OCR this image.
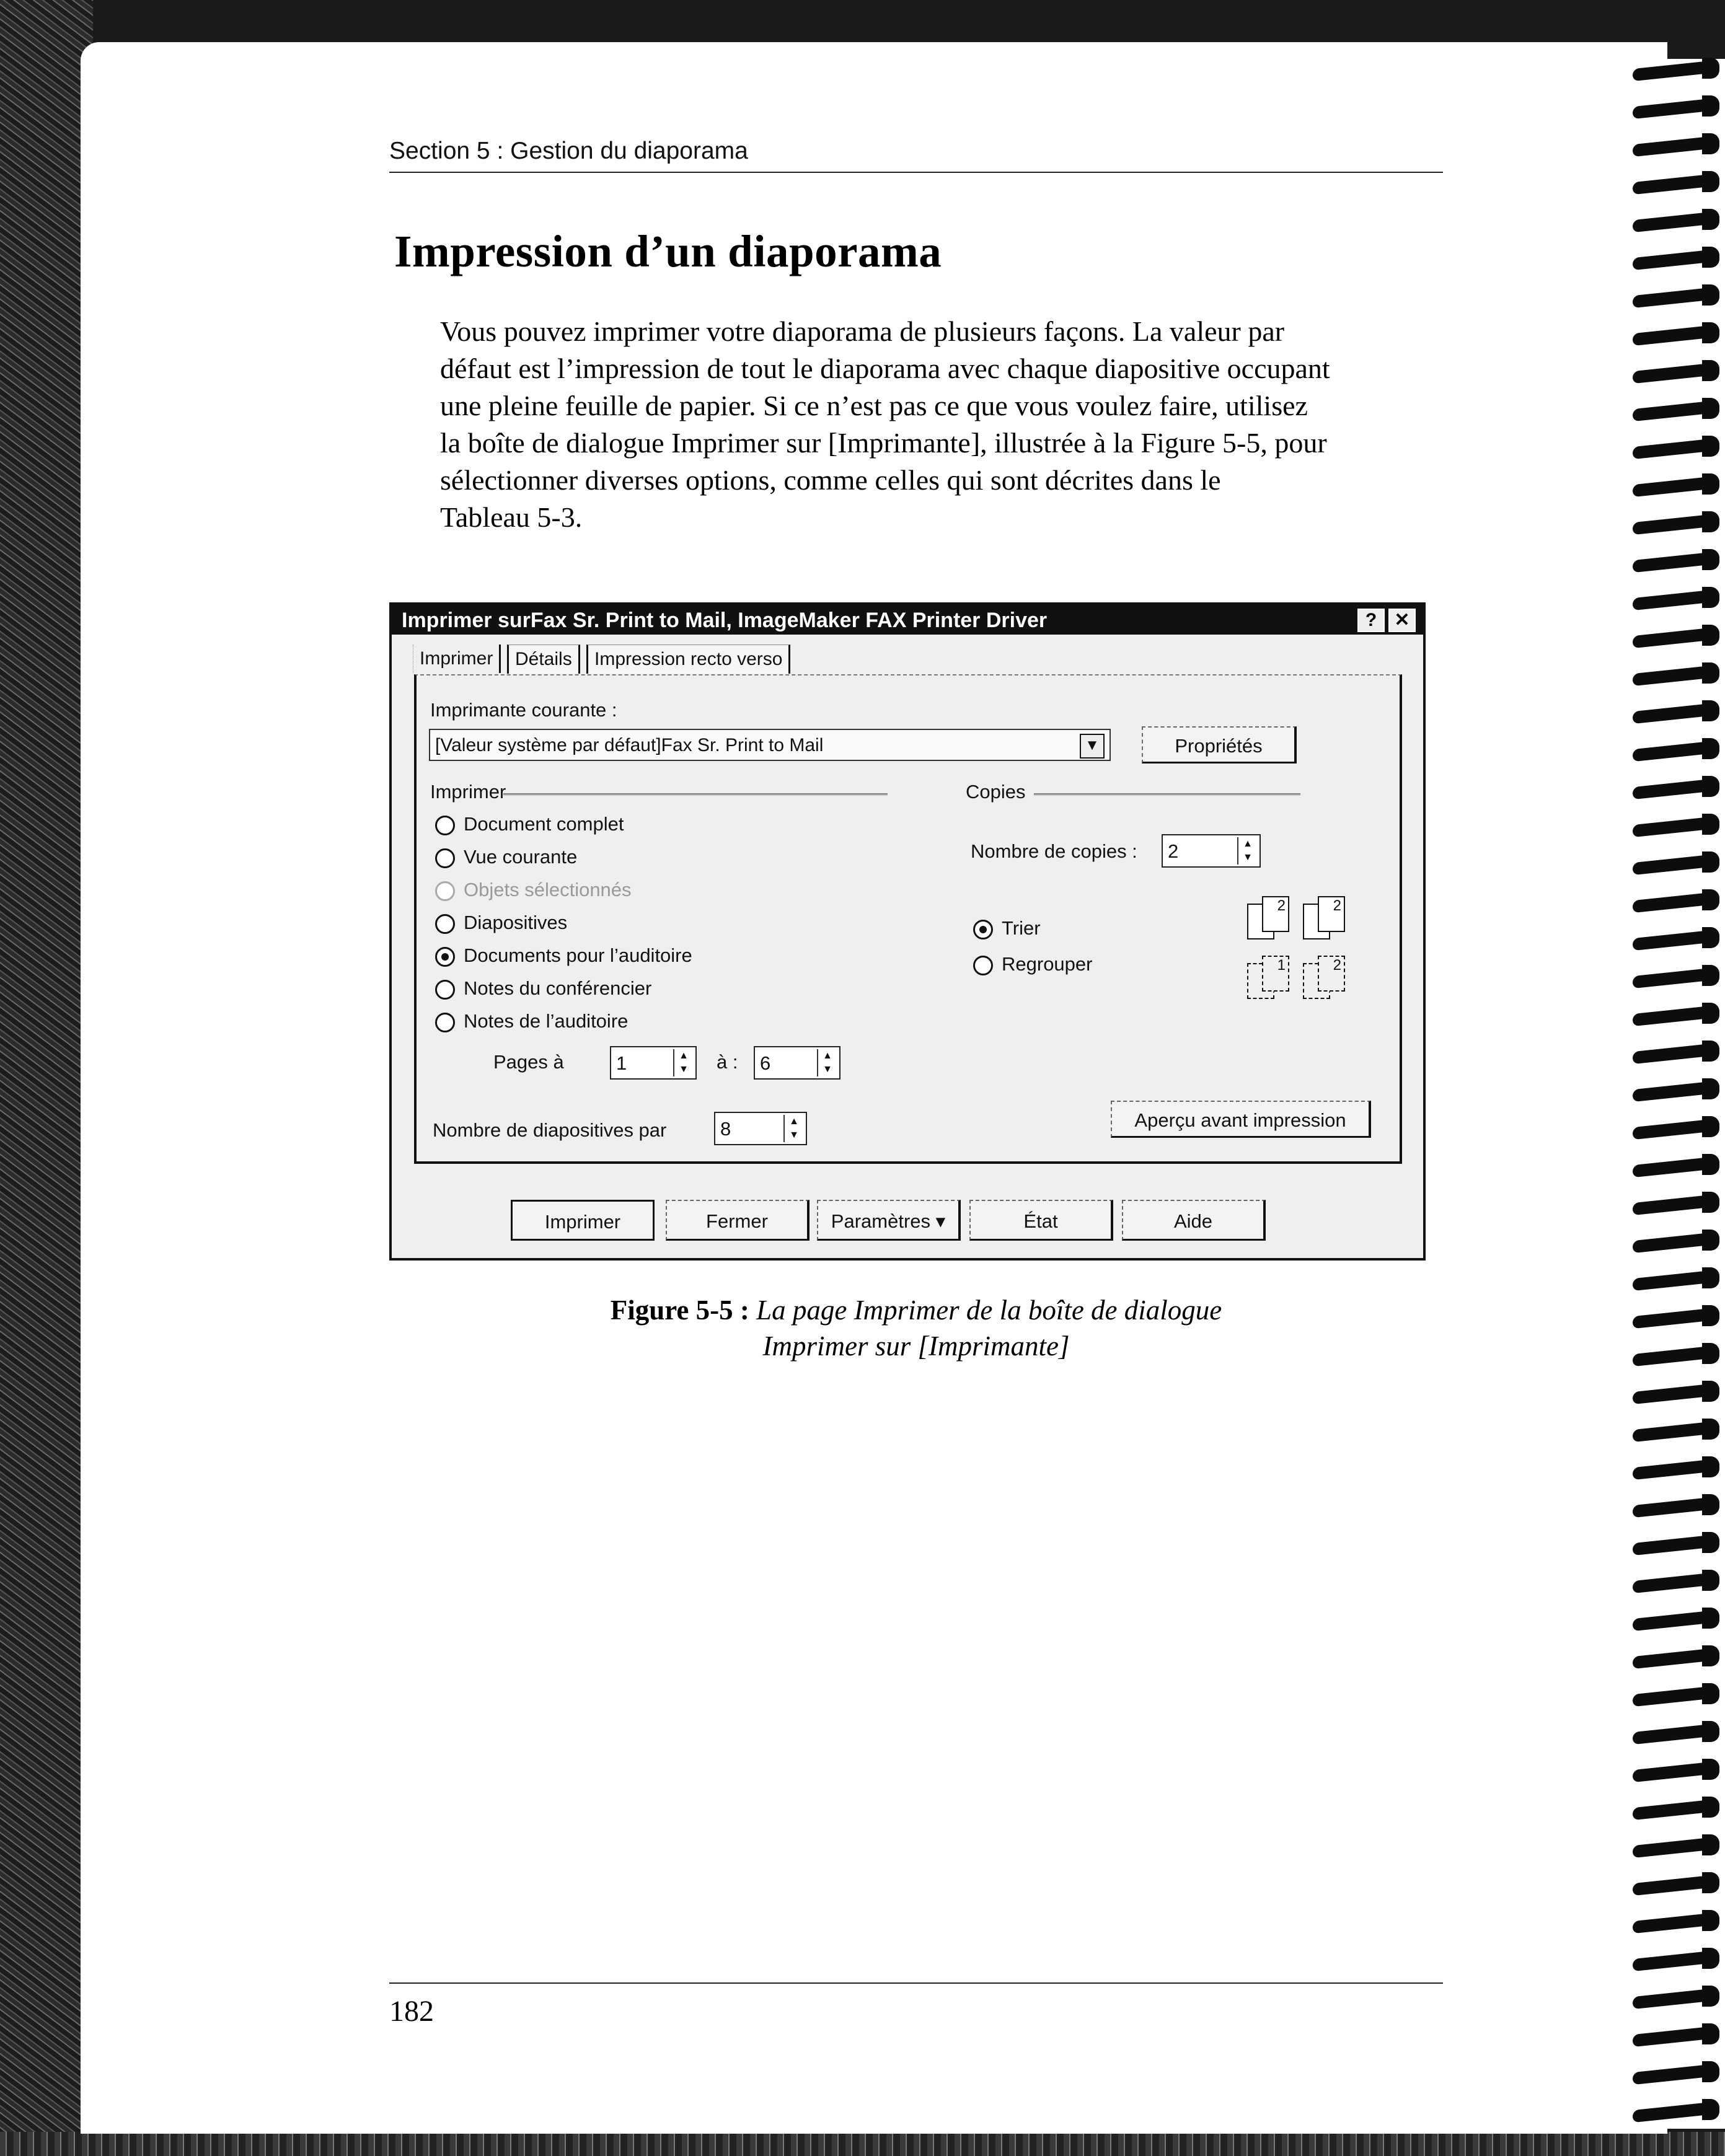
Section 5 : Gestion du diaporama
Impression d’un diaporama
Vous pouvez imprimer votre diaporama de plusieurs façons. La valeur par
défaut est l’impression de tout le diaporama avec chaque diapositive occupant
une pleine feuille de papier. Si ce n’est pas ce que vous voulez faire, utilisez
la boîte de dialogue Imprimer sur [Imprimante], illustrée à la Figure 5-5, pour
sélectionner diverses options, comme celles qui sont décrites dans le
Tableau 5-3.
Imprimer surFax Sr. Print to Mail, ImageMaker FAX Printer Driver	? ✕
Imprimer	Détails	Impression recto verso
Imprimante courante :
[Valeur système par défaut]Fax Sr. Print to Mail	▼	Propriétés
Imprimer
Document complet
Vue courante
Objets sélectionnés
Diapositives
Documents pour l’auditoire
Notes du conférencier
Notes de l’auditoire
Pages à	1	▲
▼ à : 6	▲
▼
Nombre de diapositives par	8	▲
▼
Copies
Nombre de copies : 2	▲
▼
Trier
Regrouper
2	2
1	2
Aperçu avant impression
Imprimer	Fermer	Paramètres ▾	État	Aide
Figure 5-5 : La page Imprimer de la boîte de dialogue
Imprimer sur [Imprimante]
182
